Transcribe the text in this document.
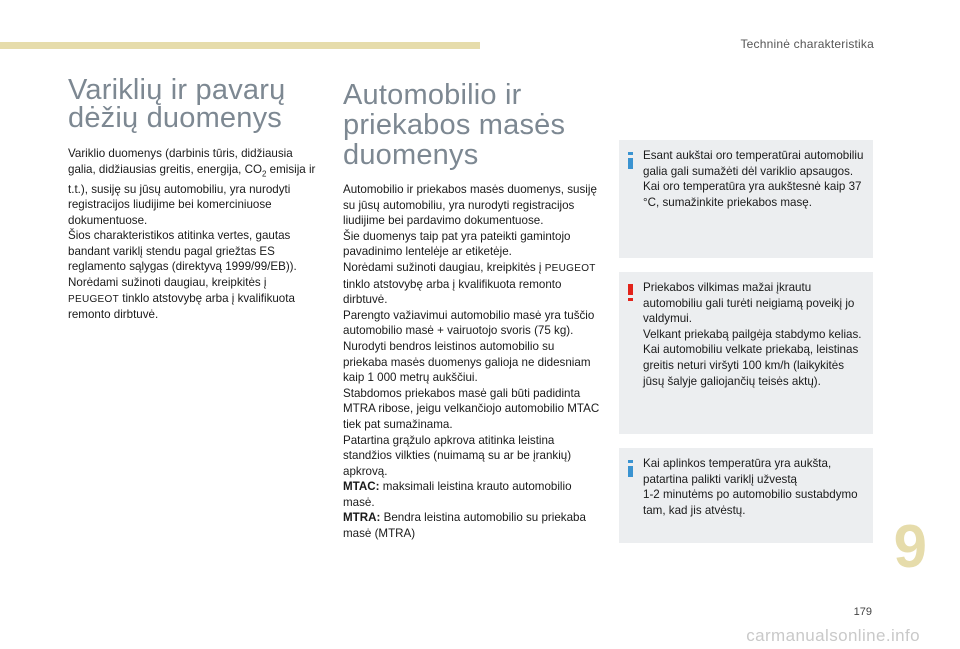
Techninė charakteristika
Variklių ir pavarų
dėžių duomenys

Variklio duomenys (darbinis tūris, didžiausia galia, didžiausias greitis, energija, $CO_2$ emisija ir t.t.), susiję su jūsų automobiliu, yra nurodyti registracijos liudijime bei komerciniuose dokumentuose.

Šios charakteristikos atitinka vertes, gautas bandant variklį stendu pagal griežtas ES reglamento sąlygas (direktyvą 1999/99/EB)).

Norėdami sužinoti daugiau, kreipkitės į PEUGEOT tinklo atstovybę arba į kvalifikuota remonto dirbtuvė.

Automobilio ir
priekabos masės
duomenys

Automobilio ir priekabos masės duomenys, susiję su jūsų automobiliu, yra nurodyti registracijos liudijime bei pardavimo dokumentuose.

Šie duomenys taip pat yra pateikti gamintojo pavadinimo lentelėje ar etiketėje.

Norėdami sužinoti daugiau, kreipkitės į PEUGEOT tinklo atstovybę arba į kvalifikuota remonto dirbtuvė.

Parengto važiavimui automobilio masė yra tuščio automobilio masė + vairuotojo svoris (75 kg).

Nurodyti bendros leistinos automobilio su priekaba masės duomenys galioja ne didesniam kaip 1 000 metrų aukščiui.

Stabdomos priekabos masė gali būti padidinta MTRA ribose, jeigu velkančiojo automobilio MTAC tiek pat sumažinama.

Patartina grąžulo apkrova atitinka leistina standžios vilkties (nuimamą su ar be įrankių) apkrovą.

MTAC: maksimali leistina krauto automobilio masė.

MTRA: Bendra leistina automobilio su priekaba masė (MTRA)

Esant aukštai oro temperatūrai automobiliu galia gali sumažėti dėl variklio apsaugos. Kai oro temperatūra yra aukštesnė kaip 37 °C, sumažinkite priekabos masę.
Priekabos vilkimas mažai įkrautu automobiliu gali turėti neigiamą poveikį jo valdymui.
Velkant priekabą pailgėja stabdymo kelias. Kai automobiliu velkate priekabą, leistinas greitis neturi viršyti 100 km/h (laikykitės jūsų šalyje galiojančių teisės aktų).
Kai aplinkos temperatūra yra aukšta, patartina palikti variklį užvestą
1-2 minutėms po automobilio sustabdymo tam, kad jis atvėstų.
9
179
carmanualsonline.info
